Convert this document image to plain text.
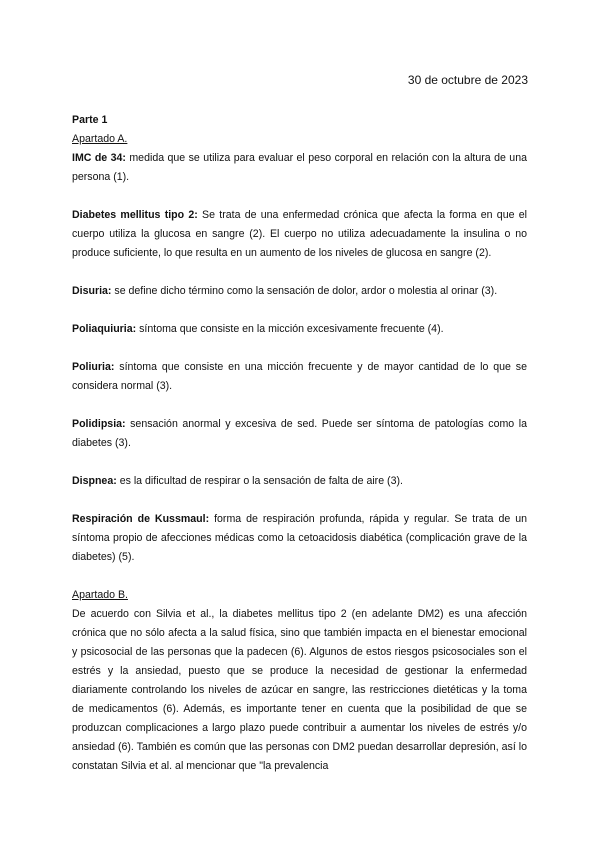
30 de octubre de 2023

Parte 1

Apartado A.

IMC de 34: medida que se utiliza para evaluar el peso corporal en relación con la altura de una persona (1).

Diabetes mellitus tipo 2: Se trata de una enfermedad crónica que afecta la forma en que el cuerpo utiliza la glucosa en sangre (2). El cuerpo no utiliza adecuadamente la insulina o no produce suficiente, lo que resulta en un aumento de los niveles de glucosa en sangre (2).

Disuria: se define dicho término como la sensación de dolor, ardor o molestia al orinar (3).

Poliaquiuria: síntoma que consiste en la micción excesivamente frecuente (4).

Poliuria: síntoma que consiste en una micción frecuente y de mayor cantidad de lo que se considera normal (3).

Polidipsia: sensación anormal y excesiva de sed. Puede ser síntoma de patologías como la diabetes (3).

Dispnea: es la dificultad de respirar o la sensación de falta de aire (3).

Respiración de Kussmaul: forma de respiración profunda, rápida y regular. Se trata de un síntoma propio de afecciones médicas como la cetoacidosis diabética (complicación grave de la diabetes) (5).

Apartado B.

De acuerdo con Silvia et al., la diabetes mellitus tipo 2 (en adelante DM2) es una afección crónica que no sólo afecta a la salud física, sino que también impacta en el bienestar emocional y psicosocial de las personas que la padecen (6). Algunos de estos riesgos psicosociales son el estrés y la ansiedad, puesto que se produce la necesidad de gestionar la enfermedad diariamente controlando los niveles de azúcar en sangre, las restricciones dietéticas y la toma de medicamentos (6). Además, es importante tener en cuenta que la posibilidad de que se produzcan complicaciones a largo plazo puede contribuir a aumentar los niveles de estrés y/o ansiedad (6). También es común que las personas con DM2 puedan desarrollar depresión, así lo constatan Silvia et al. al mencionar que "la prevalencia
